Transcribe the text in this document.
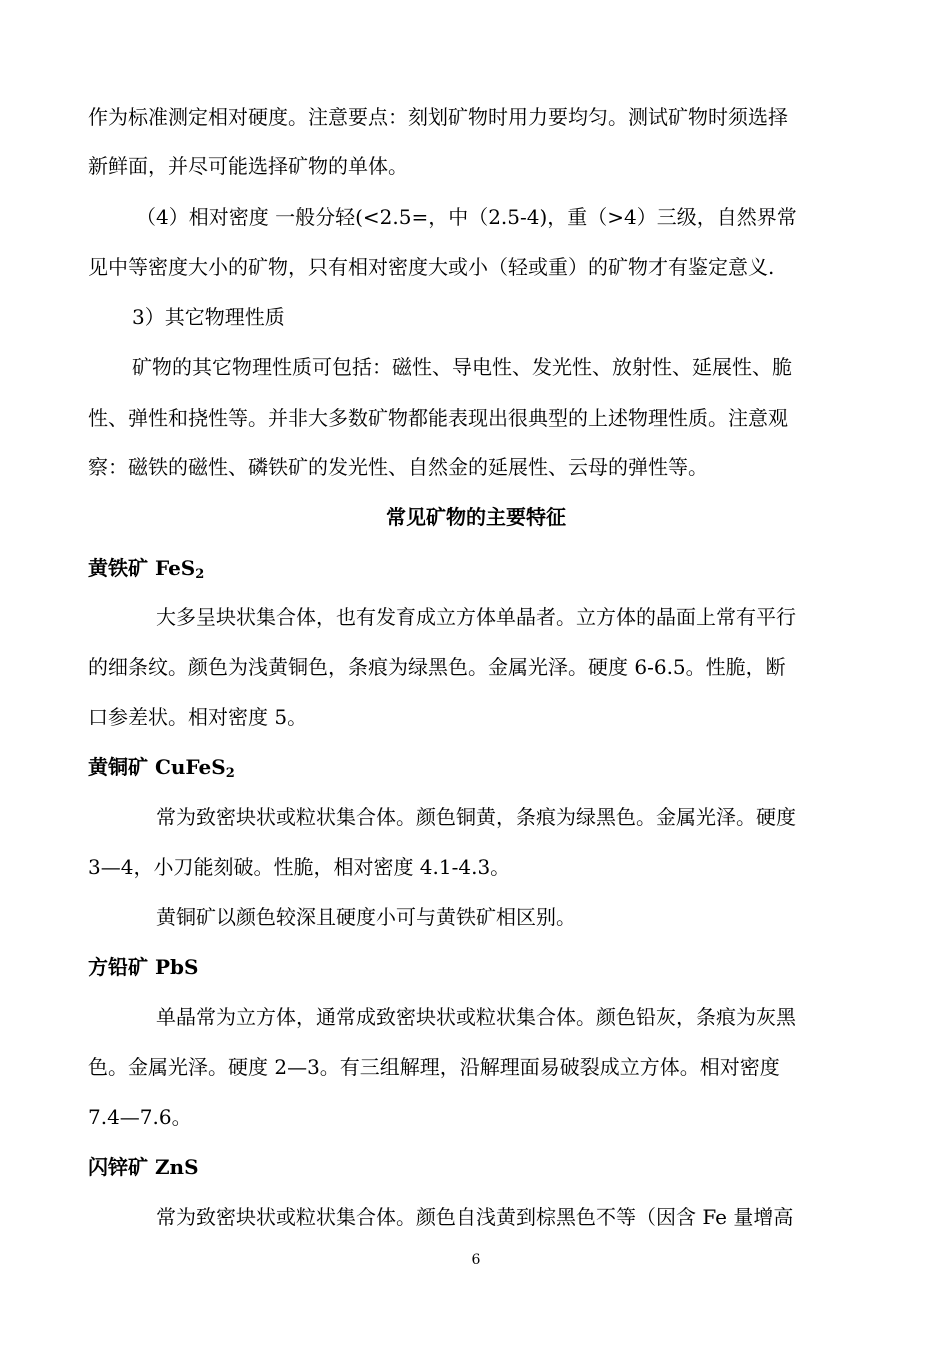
作为标准测定相对硬度。注意要点：刻划矿物时用力要均匀。测试矿物时须选择
新鲜面，并尽可能选择矿物的单体。
（4）相对密度 一般分轻(<2.5=，中（2.5-4)，重（>4）三级，自然界常
见中等密度大小的矿物，只有相对密度大或小（轻或重）的矿物才有鉴定意义.
3）其它物理性质
矿物的其它物理性质可包括：磁性、导电性、发光性、放射性、延展性、脆
性、弹性和挠性等。并非大多数矿物都能表现出很典型的上述物理性质。注意观
察：磁铁的磁性、磷铁矿的发光性、自然金的延展性、云母的弹性等。
常见矿物的主要特征
黄铁矿 FeS$_2$
大多呈块状集合体，也有发育成立方体单晶者。立方体的晶面上常有平行
的细条纹。颜色为浅黄铜色，条痕为绿黑色。金属光泽。硬度 6-6.5。性脆，断
口参差状。相对密度 5。
黄铜矿 CuFeS$_2$
常为致密块状或粒状集合体。颜色铜黄，条痕为绿黑色。金属光泽。硬度
3—4，小刀能刻破。性脆，相对密度 4.1-4.3。
黄铜矿以颜色较深且硬度小可与黄铁矿相区别。
方铅矿 PbS
单晶常为立方体，通常成致密块状或粒状集合体。颜色铅灰，条痕为灰黑
色。金属光泽。硬度 2—3。有三组解理，沿解理面易破裂成立方体。相对密度
7.4—7.6。
闪锌矿 ZnS
常为致密块状或粒状集合体。颜色自浅黄到棕黑色不等（因含 Fe 量增高
6
